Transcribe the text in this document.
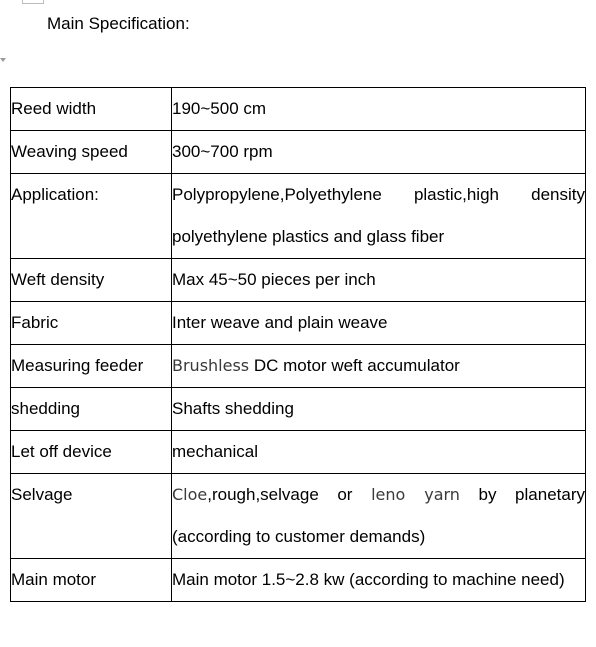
Main Specification:
Reed width	190~500 cm
Weaving speed	300~700 rpm
Application:	Polypropylene,Polyethylene plastic,high density polyethylene plastics and glass fiber
Weft density	Max 45~50 pieces per inch
Fabric	Inter weave and plain weave
Measuring feeder	Brushless DC motor weft accumulator
shedding	Shafts shedding
Let off device	mechanical
Selvage	Cloe,rough,selvage or leno yarn by planetary (according to customer demands)
Main motor	Main motor 1.5~2.8 kw (according to machine need)
